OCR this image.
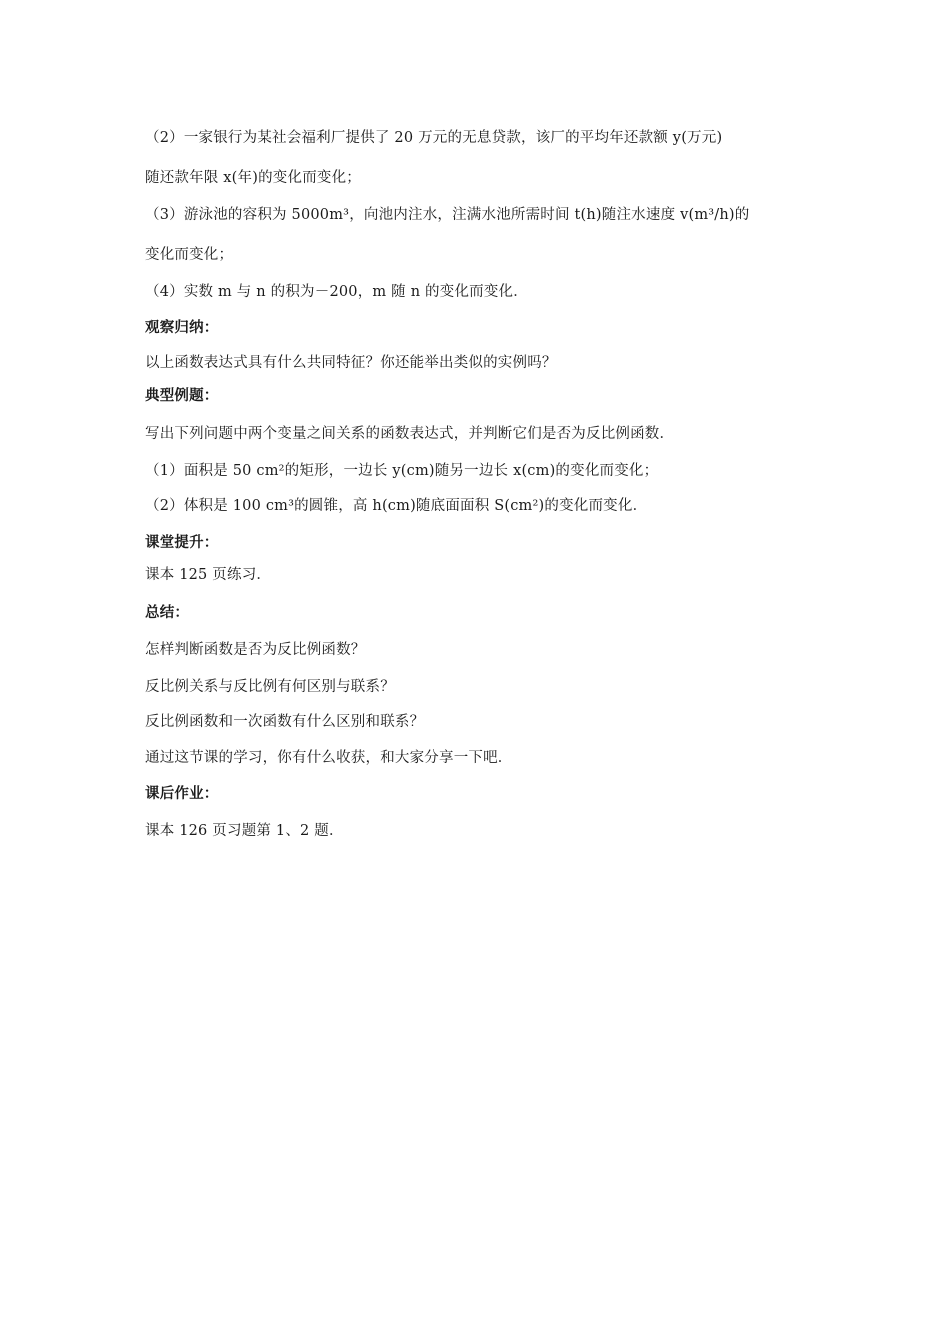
（2）一家银行为某社会福利厂提供了 20 万元的无息贷款，该厂的平均年还款额 y(万元)
随还款年限 x(年)的变化而变化；
（3）游泳池的容积为 5000m³，向池内注水，注满水池所需时间 t(h)随注水速度 v(m³/h)的
变化而变化；
（4）实数 m 与 n 的积为－200，m 随 n 的变化而变化．
观察归纳：
以上函数表达式具有什么共同特征？你还能举出类似的实例吗？
典型例题：
写出下列问题中两个变量之间关系的函数表达式，并判断它们是否为反比例函数．
（1）面积是 50 cm²的矩形，一边长 y(cm)随另一边长 x(cm)的变化而变化；
（2）体积是 100 cm³的圆锥，高 h(cm)随底面面积 S(cm²)的变化而变化．
课堂提升：
课本 125 页练习．
总结：
怎样判断函数是否为反比例函数？
反比例关系与反比例有何区别与联系？
反比例函数和一次函数有什么区别和联系？
通过这节课的学习，你有什么收获，和大家分享一下吧．
课后作业：
课本 126 页习题第 1、2 题．
